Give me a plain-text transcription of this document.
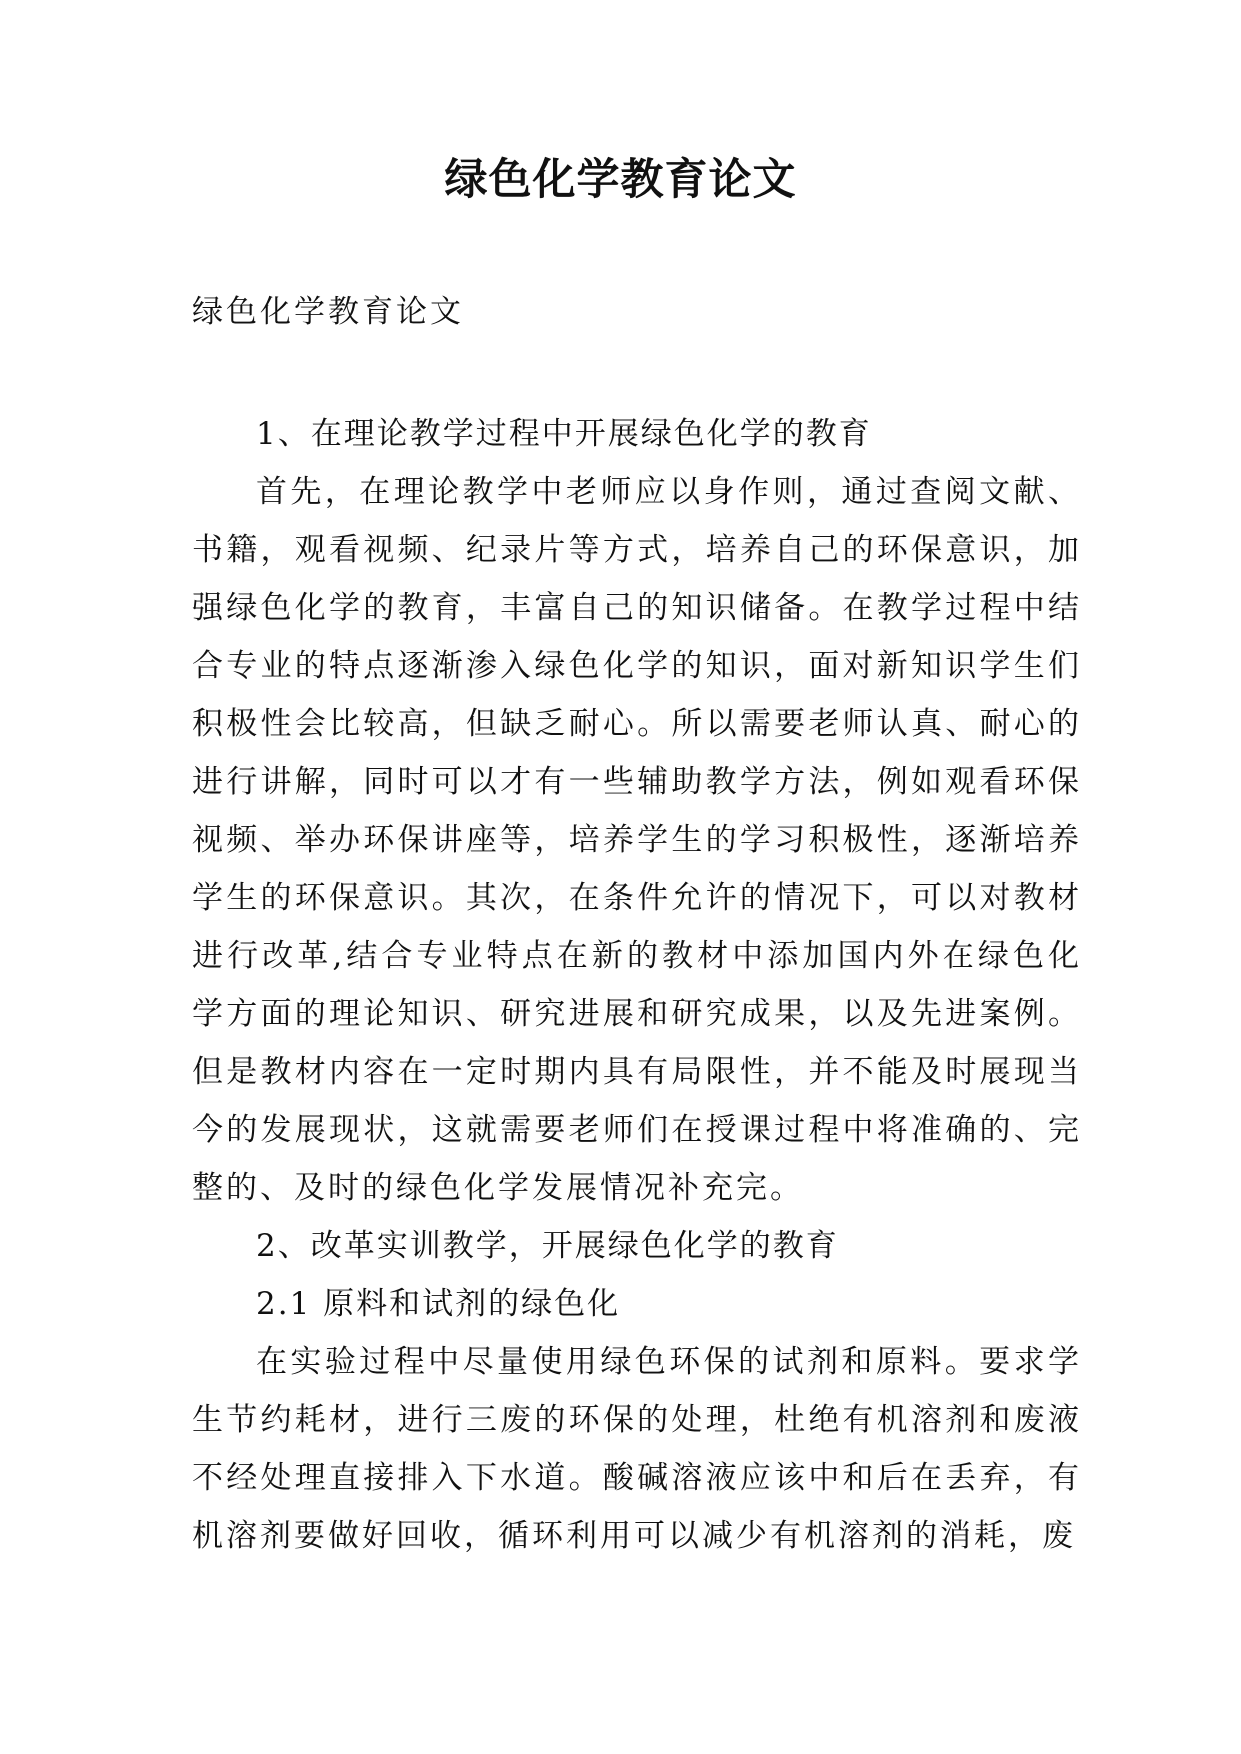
绿色化学教育论文
绿色化学教育论文

1、在理论教学过程中开展绿色化学的教育

首先，在理论教学中老师应以身作则，通过查阅文献、书籍，观看视频、纪录片等方式，培养自己的环保意识，加强绿色化学的教育，丰富自己的知识储备。在教学过程中结合专业的特点逐渐渗入绿色化学的知识，面对新知识学生们积极性会比较高，但缺乏耐心。所以需要老师认真、耐心的进行讲解，同时可以才有一些辅助教学方法，例如观看环保视频、举办环保讲座等，培养学生的学习积极性，逐渐培养学生的环保意识。其次，在条件允许的情况下，可以对教材进行改革,结合专业特点在新的教材中添加国内外在绿色化学方面的理论知识、研究进展和研究成果，以及先进案例。但是教材内容在一定时期内具有局限性，并不能及时展现当今的发展现状，这就需要老师们在授课过程中将准确的、完整的、及时的绿色化学发展情况补充完。

2、改革实训教学，开展绿色化学的教育

2.1 原料和试剂的绿色化

在实验过程中尽量使用绿色环保的试剂和原料。要求学生节约耗材，进行三废的环保的处理，杜绝有机溶剂和废液不经处理直接排入下水道。酸碱溶液应该中和后在丢弃，有机溶剂要做好回收，循环利用可以减少有机溶剂的消耗，废
